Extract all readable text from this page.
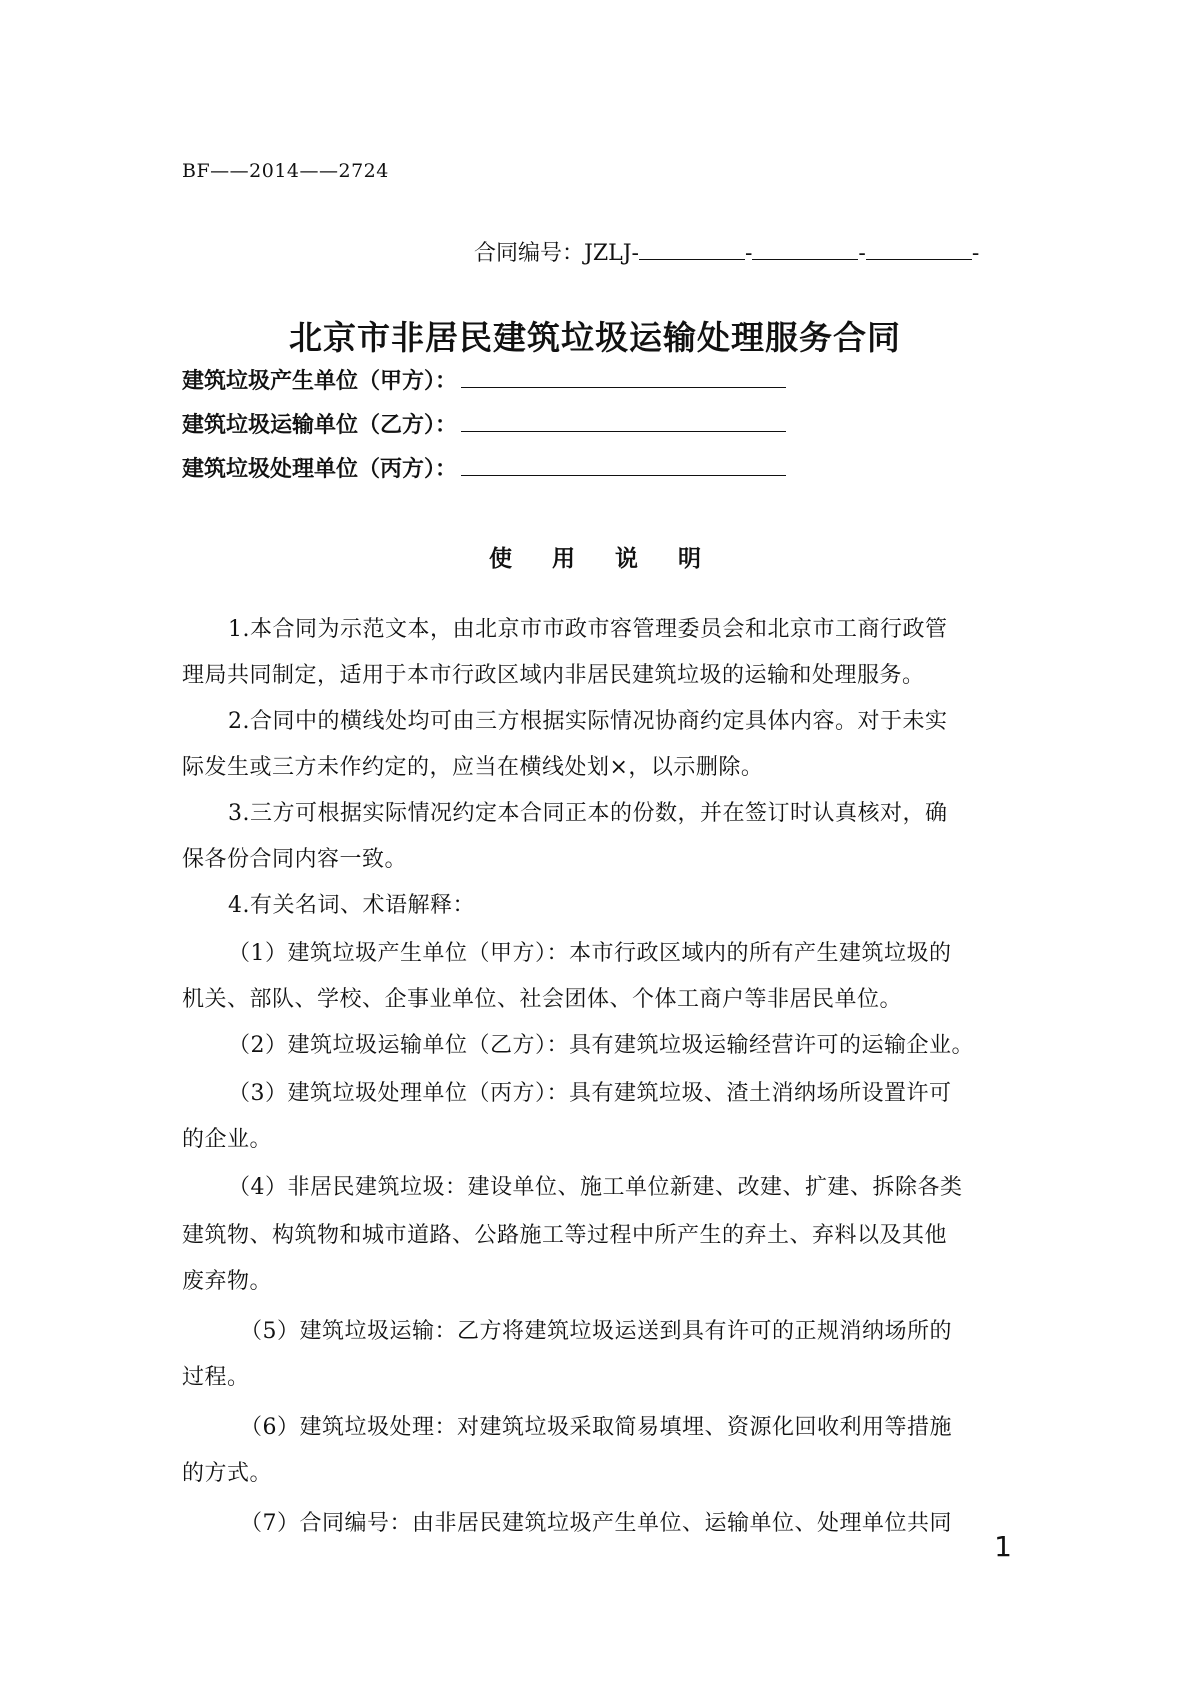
BF——2014——2724
合同编号：JZLJ-	-	-	-
北京市非居民建筑垃圾运输处理服务合同
建筑垃圾产生单位（甲方）：
建筑垃圾运输单位（乙方）：
建筑垃圾处理单位（丙方）：
使 用 说 明
1.本合同为示范文本，由北京市市政市容管理委员会和北京市工商行政管
理局共同制定，适用于本市行政区域内非居民建筑垃圾的运输和处理服务。
2.合同中的横线处均可由三方根据实际情况协商约定具体内容。对于未实
际发生或三方未作约定的，应当在横线处划×，以示删除。
3.三方可根据实际情况约定本合同正本的份数，并在签订时认真核对，确
保各份合同内容一致。
4.有关名词、术语解释：
（1）建筑垃圾产生单位（甲方）：本市行政区域内的所有产生建筑垃圾的
机关、部队、学校、企事业单位、社会团体、个体工商户等非居民单位。
（2）建筑垃圾运输单位（乙方）：具有建筑垃圾运输经营许可的运输企业。
（3）建筑垃圾处理单位（丙方）：具有建筑垃圾、渣土消纳场所设置许可
的企业。
（4）非居民建筑垃圾：建设单位、施工单位新建、改建、扩建、拆除各类
建筑物、构筑物和城市道路、公路施工等过程中所产生的弃土、弃料以及其他
废弃物。
（5）建筑垃圾运输：乙方将建筑垃圾运送到具有许可的正规消纳场所的
过程。
（6）建筑垃圾处理：对建筑垃圾采取简易填埋、资源化回收利用等措施
的方式。
（7）合同编号：由非居民建筑垃圾产生单位、运输单位、处理单位共同
1
